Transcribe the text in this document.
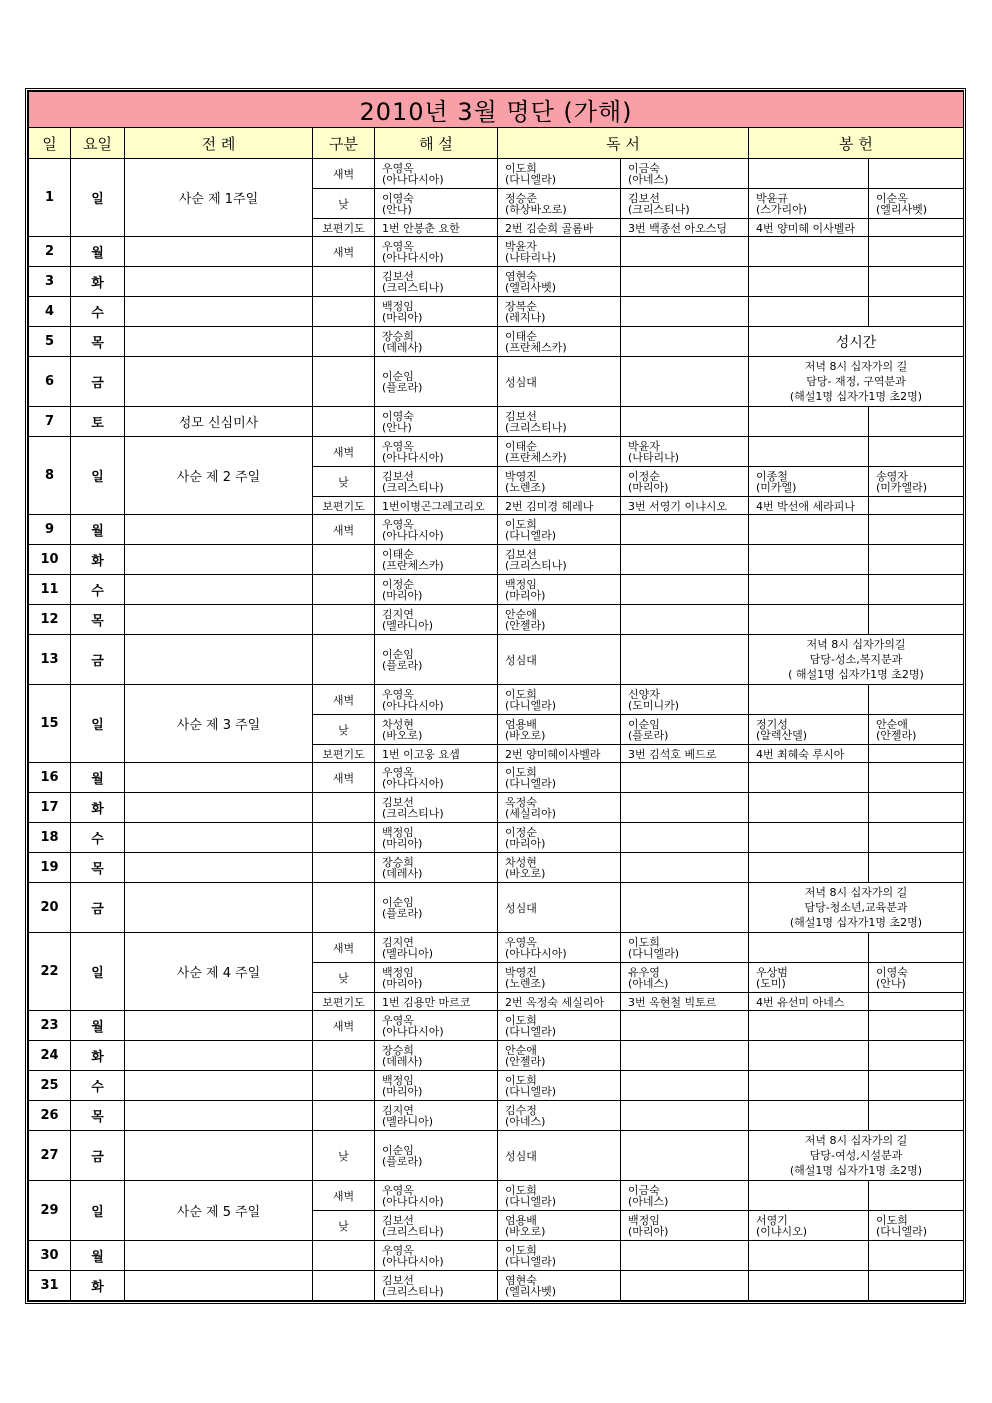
2010년 3월 명단 (가해)								
일	요일	전 례	구분	해 설	독 서		봉 헌	
1	일	사순 제 1주일	새벽	우영옥
(아나다시아)	이도희
(다니엘라)	이금숙
(아네스)		

			낮	이영숙
(안나)	정승준
(하상바오로)	김보선
(크리스티나)	박윤규
(스가리아)	이순옥
(엘리사벳)

			보편기도	1번 안봉춘 요한	2번 김순희 골롬바	3번 백종선 아오스딩	4번 양미혜 이사벨라	
2	월		새벽	우영옥
(아나다시아)	박윤자
(나타리나)			

3	화			김보선
(크리스티나)	염현숙
(엘리사벳)			

4	수			백정임
(마리아)	장복순
(레지나)			

5	목			장승희
(데레사)	이태순
(프란체스카)		성시간	
6	금			이순임
(플로라)	성심대		저녁 8시 십자가의 길
담당- 재정, 구역분과
(해설1명 십자가1명 초2명)	

7	토	성모 신심미사		이영숙
(안나)	김보선
(크리스티나)			

8	일	사순 제 2 주일	새벽	우영옥
(아나다시아)	이태순
(프란체스카)	박윤자
(나타리나)		

			낮	김보선
(크리스티나)	박영진
(노렌조)	이정순
(마리아)	이종철
(미카엘)	송영자
(미카엘라)

			보편기도	1번이병곤그레고리오	2번 김미경 헤레나	3번 서영기 이냐시오	4번 박선애 세라피나	
9	월		새벽	우영옥
(아나다시아)	이도희
(다니엘라)			

10	화			이태순
(프란체스카)	김보선
(크리스티나)			

11	수			이정순
(마리아)	백정임
(마리아)			

12	목			김지연
(멜라니아)	안순애
(안젤라)			

13	금			이순임
(플로라)	성심대		저녁 8시 십자가의길
담당-성소,복지분과
( 해설1명 십자가1명 초2명)	

15	일	사순 제 3 주일	새벽	우영옥
(아나다시아)	이도희
(다니엘라)	신양자
(도미니카)		

			낮	차성현
(바오로)	엄용배
(바오로)	이순임
(플로라)	정기성
(알렉산델)	안순애
(안젤라)

			보편기도	1번 이고웅 요셉	2번 양미혜이사벨라	3번 김석호 베드로	4번 최혜숙 루시아	
16	월		새벽	우영옥
(아나다시아)	이도희
(다니엘라)			

17	화			김보선
(크리스티나)	옥정숙
(세실리아)			

18	수			백정임
(마리아)	이정순
(마리아)			

19	목			장승희
(데레사)	차성현
(바오로)			

20	금			이순임
(플로라)	성심대		저녁 8시 십자가의 길
담당-청소년,교육분과
(해설1명 십자가1명 초2명)	

22	일	사순 제 4 주일	새벽	김지연
(멜라니아)	우영옥
(아나다시아)	이도희
(다니엘라)		

			낮	백정임
(마리아)	박영진
(노렌조)	유우영
(아네스)	우상범
(도미)	이영숙
(안나)

			보편기도	1번 김용만 마르코	2번 옥정숙 세실리아	3번 옥현철 빅토르	4번 유선미 아네스	
23	월		새벽	우영옥
(아나다시아)	이도희
(다니엘라)			

24	화			장승희
(데레사)	안순애
(안젤라)			

25	수			백정임
(마리아)	이도희
(다니엘라)			

26	목			김지연
(멜라니아)	김수정
(아네스)			

27	금		낮	이순임
(플로라)	성심대		저녁 8시 십자가의 길
담당-여성,시설분과
(해설1명 십자가1명 초2명)	

29	일	사순 제 5 주일	새벽	우영옥
(아나다시아)	이도희
(다니엘라)	이금숙
(아네스)		

			낮	김보선
(크리스티나)	엄용배
(바오로)	백정임
(마리아)	서영기
(이냐시오)	이도희
(다니엘라)

30	월			우영옥
(아나다시아)	이도희
(다니엘라)			

31	화			김보선
(크리스티나)	염현숙
(엘리사벳)			
